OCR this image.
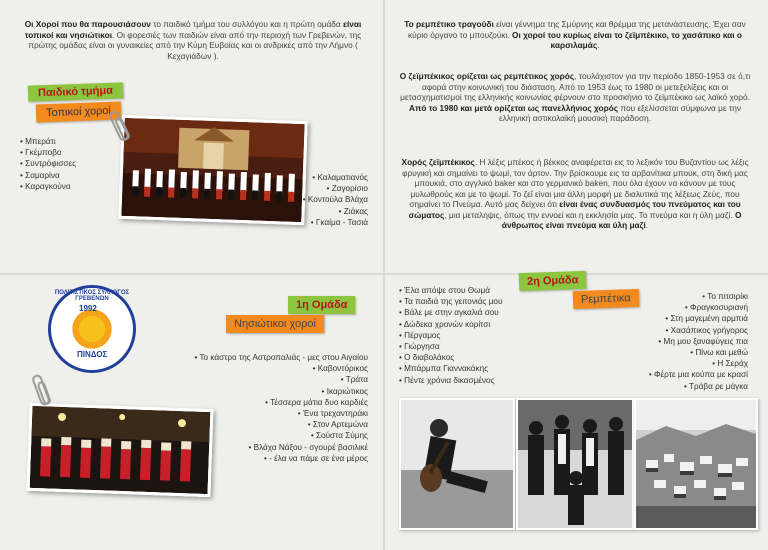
Οι Χοροί που θα παρουσιάσουν το παιδικό τμήμα του συλλόγου και η πρώτη ομάδα είναι τοπικοί και νησιώτικοι. Οι φορεσιές των παιδιών είναι από την περιοχή των Γρεβενών, της πρώτης ομάδας είναι οι γυναικείες από την Κύμη Ευβοίας και οι ανδρικές από την Λήμνο ( Κεχαγιάδων ).
Παιδικό τμήμα
Τοπικοί χοροί
• Μπεράτι
• Γκέμποβο
• Συντρόφισσες
• Σαμαρίνα
• Καραγκούνα
• Καλαματιανός
• Ζαγορίσιο
• Κοντούλα Βλάχα
• Ζιάκας
• Γκαίμα - Τασιά
Το ρεμπέτικο τραγούδι είναι γέννημα της Σμύρνης και θρέμμα της μετανάστευσης. Έχει σαν κύριο όργανο το μπουζούκι. Οι χοροί του κυρίως είναι το ζεϊμπέκικο, το χασάπικο και ο καρσιλαμάς.
Ο ζεϊμπέκικος ορίζεται ως ρεμπέτικος χορός, τουλάχιστον για την περίοδο 1850-1953 σε ό,τι αφορά στην κοινωνική του διάσταση. Από το 1953 έως το 1980 οι μετεξελίξεις και οι μετασχηματισμοί της ελληνικής κοινωνίας φέρνουν στο προσκήνιο το ζεϊμπέκικο ως λαϊκό χορό. Από το 1980 και μετά ορίζεται ως πανελλήνιος χορός που εξελίσσεται σύμφωνα με την ελληνική αστικολαϊκή μουσική παράδοση.
Χορός ζεϊμπέκικος. Η λέξις μπέκος ή βέκκος αναφέρεται εις το λεξικόν του Βυζαντίου ως λέξις φρυγική και σημαίνει το ψωμί, τον άρτον. Την βρίσκουμε εις τα αρβανίτικα μπουκ, στη δική μας μπουκιά, στο αγγλικό baker και στο γερμανικό baken, που όλα έχουν να κάνουν με τους μυλωθρούς και με το ψωμί. Το ζεΐ είναι μια άλλη μορφή με διαλυτικά της λέξεως Ζεύς, που σημαίνει το Πνεύμα. Αυτό μας δείχνει ότι είναι ένας συνδυασμός του πνεύματος και του σώματος, μια μεταληψις, όπως την εννοεί και η εκκλησία μας. Το πνεύμα και η ύλη μαζί. O άνθρωπος είναι πνεύμα και ύλη μαζί.
ΠΟΛΙΤΙΣΤΙΚΟΣ ΣΥΛΛΟΓΟΣ ΓΡΕΒΕΝΩΝ
1992
ΠΙΝΔΟΣ
1η Ομάδα
Νησιώτικοι χοροί
• Το κάστρο της Αστροπαλιάς - μες στου Αιγαίου
• Καβοντόρικος
• Τράτα
• Ικαριώτικος
• Τέσσερα μάτια δυο καρδιές
• Ένα τρεχαντηράκι
• Στον Αρτεμώνα
• Σούστα Σύμης
• Βλάχα Νάξου - σγουρέ βασιλικέ
• - έλα να πάμε σε ένα μέρος
2η Ομάδα
Ρεμπέτικα
• Έλα απόψε στου Θωμά
• Τα παιδιά της γειτονιάς μου
• Βάλε με στην αγκαλιά σου
• Δώδεκα χρονών κορίτσι
• Πέργαμος
• Γιώργησα
• Ο διαβολάκος
• Μπάρμπα Γιαννακάκης
• Πέντε χρόνια δικασμένος
• Το πιτσιρίκι
• Φραγκοσυριανή
• Στη μαγεμένη αρμπιά
• Χασάπικος γρήγορος
• Μη μου ξαναφύγεις πια
• Πίνω και μεθώ
• Η Σεράχ
• Φέρτε μια κούπα με κρασί
• Τράβα ρε μάγκα
